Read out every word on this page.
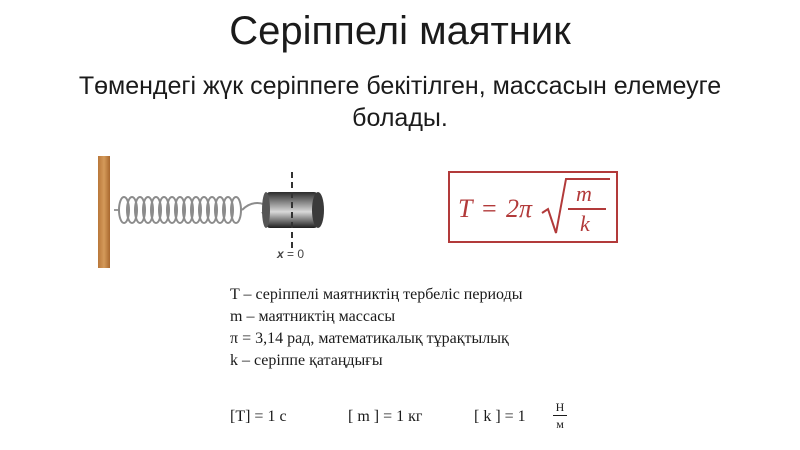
Серіппелі маятник
Төмендегі жүк серіппеге бекітілген, массасын елемеуге болады.
x = 0
T = 2π
m
k
T – серіппелі маятниктің тербеліс периоды
m – маятниктің массасы
π = 3,14 рад, математикалық тұрақтылық
k – серіппе қатаңдығы
[T] = 1 с	[ m ] = 1 кг	[ k ] = 1
Н
м
